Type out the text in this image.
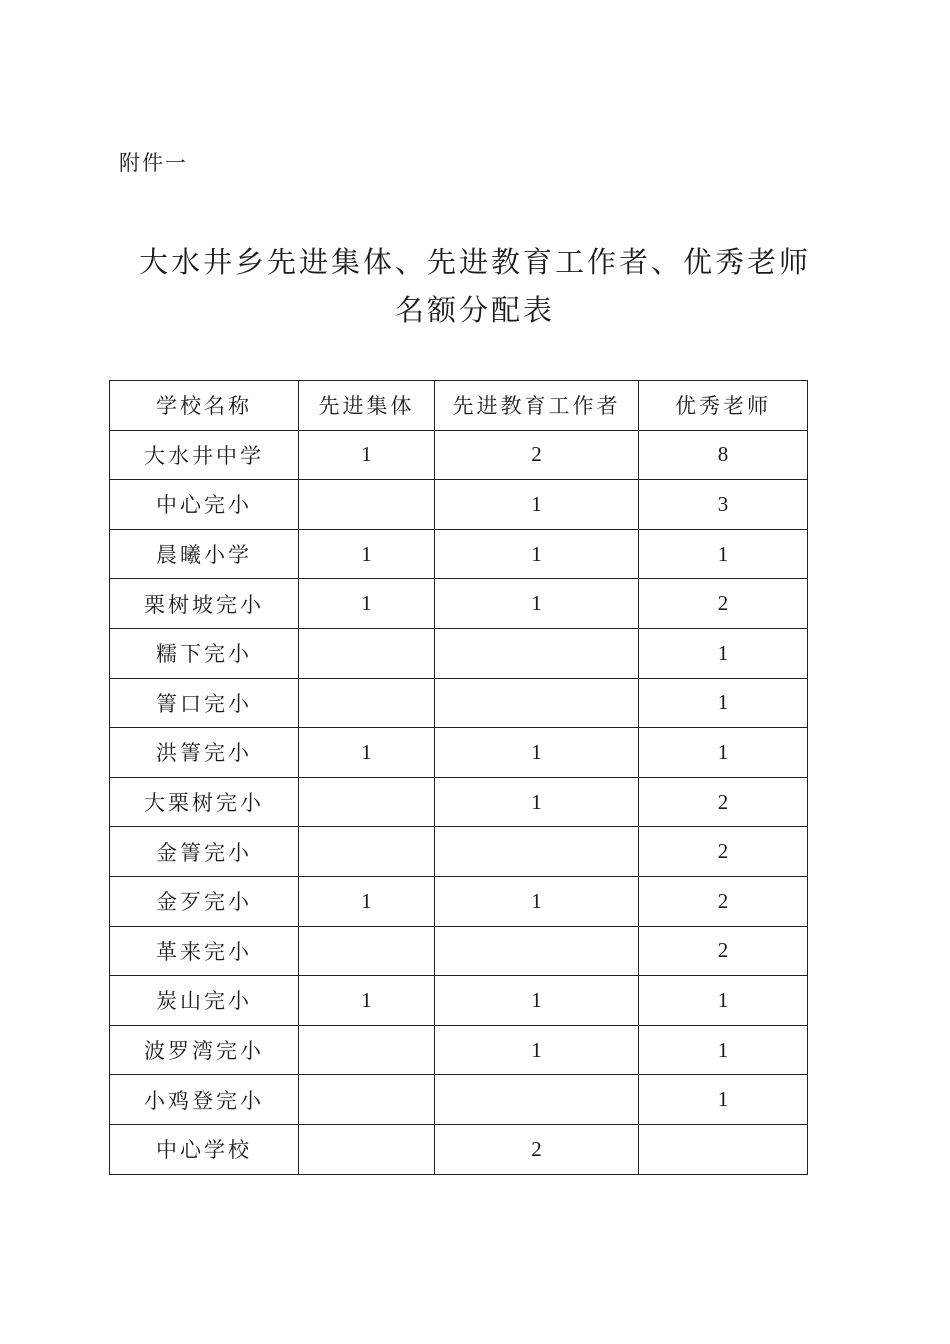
附件一
大水井乡先进集体、先进教育工作者、优秀老师
名额分配表
学校名称	先进集体	先进教育工作者	优秀老师
大水井中学	1	2	8
中心完小		1	3
晨曦小学	1	1	1
栗树坡完小	1	1	2
糯下完小			1
箐口完小			1
洪箐完小	1	1	1
大栗树完小		1	2
金箐完小			2
金歹完小	1	1	2
革来完小			2
炭山完小	1	1	1
波罗湾完小		1	1
小鸡登完小			1
中心学校		2	
